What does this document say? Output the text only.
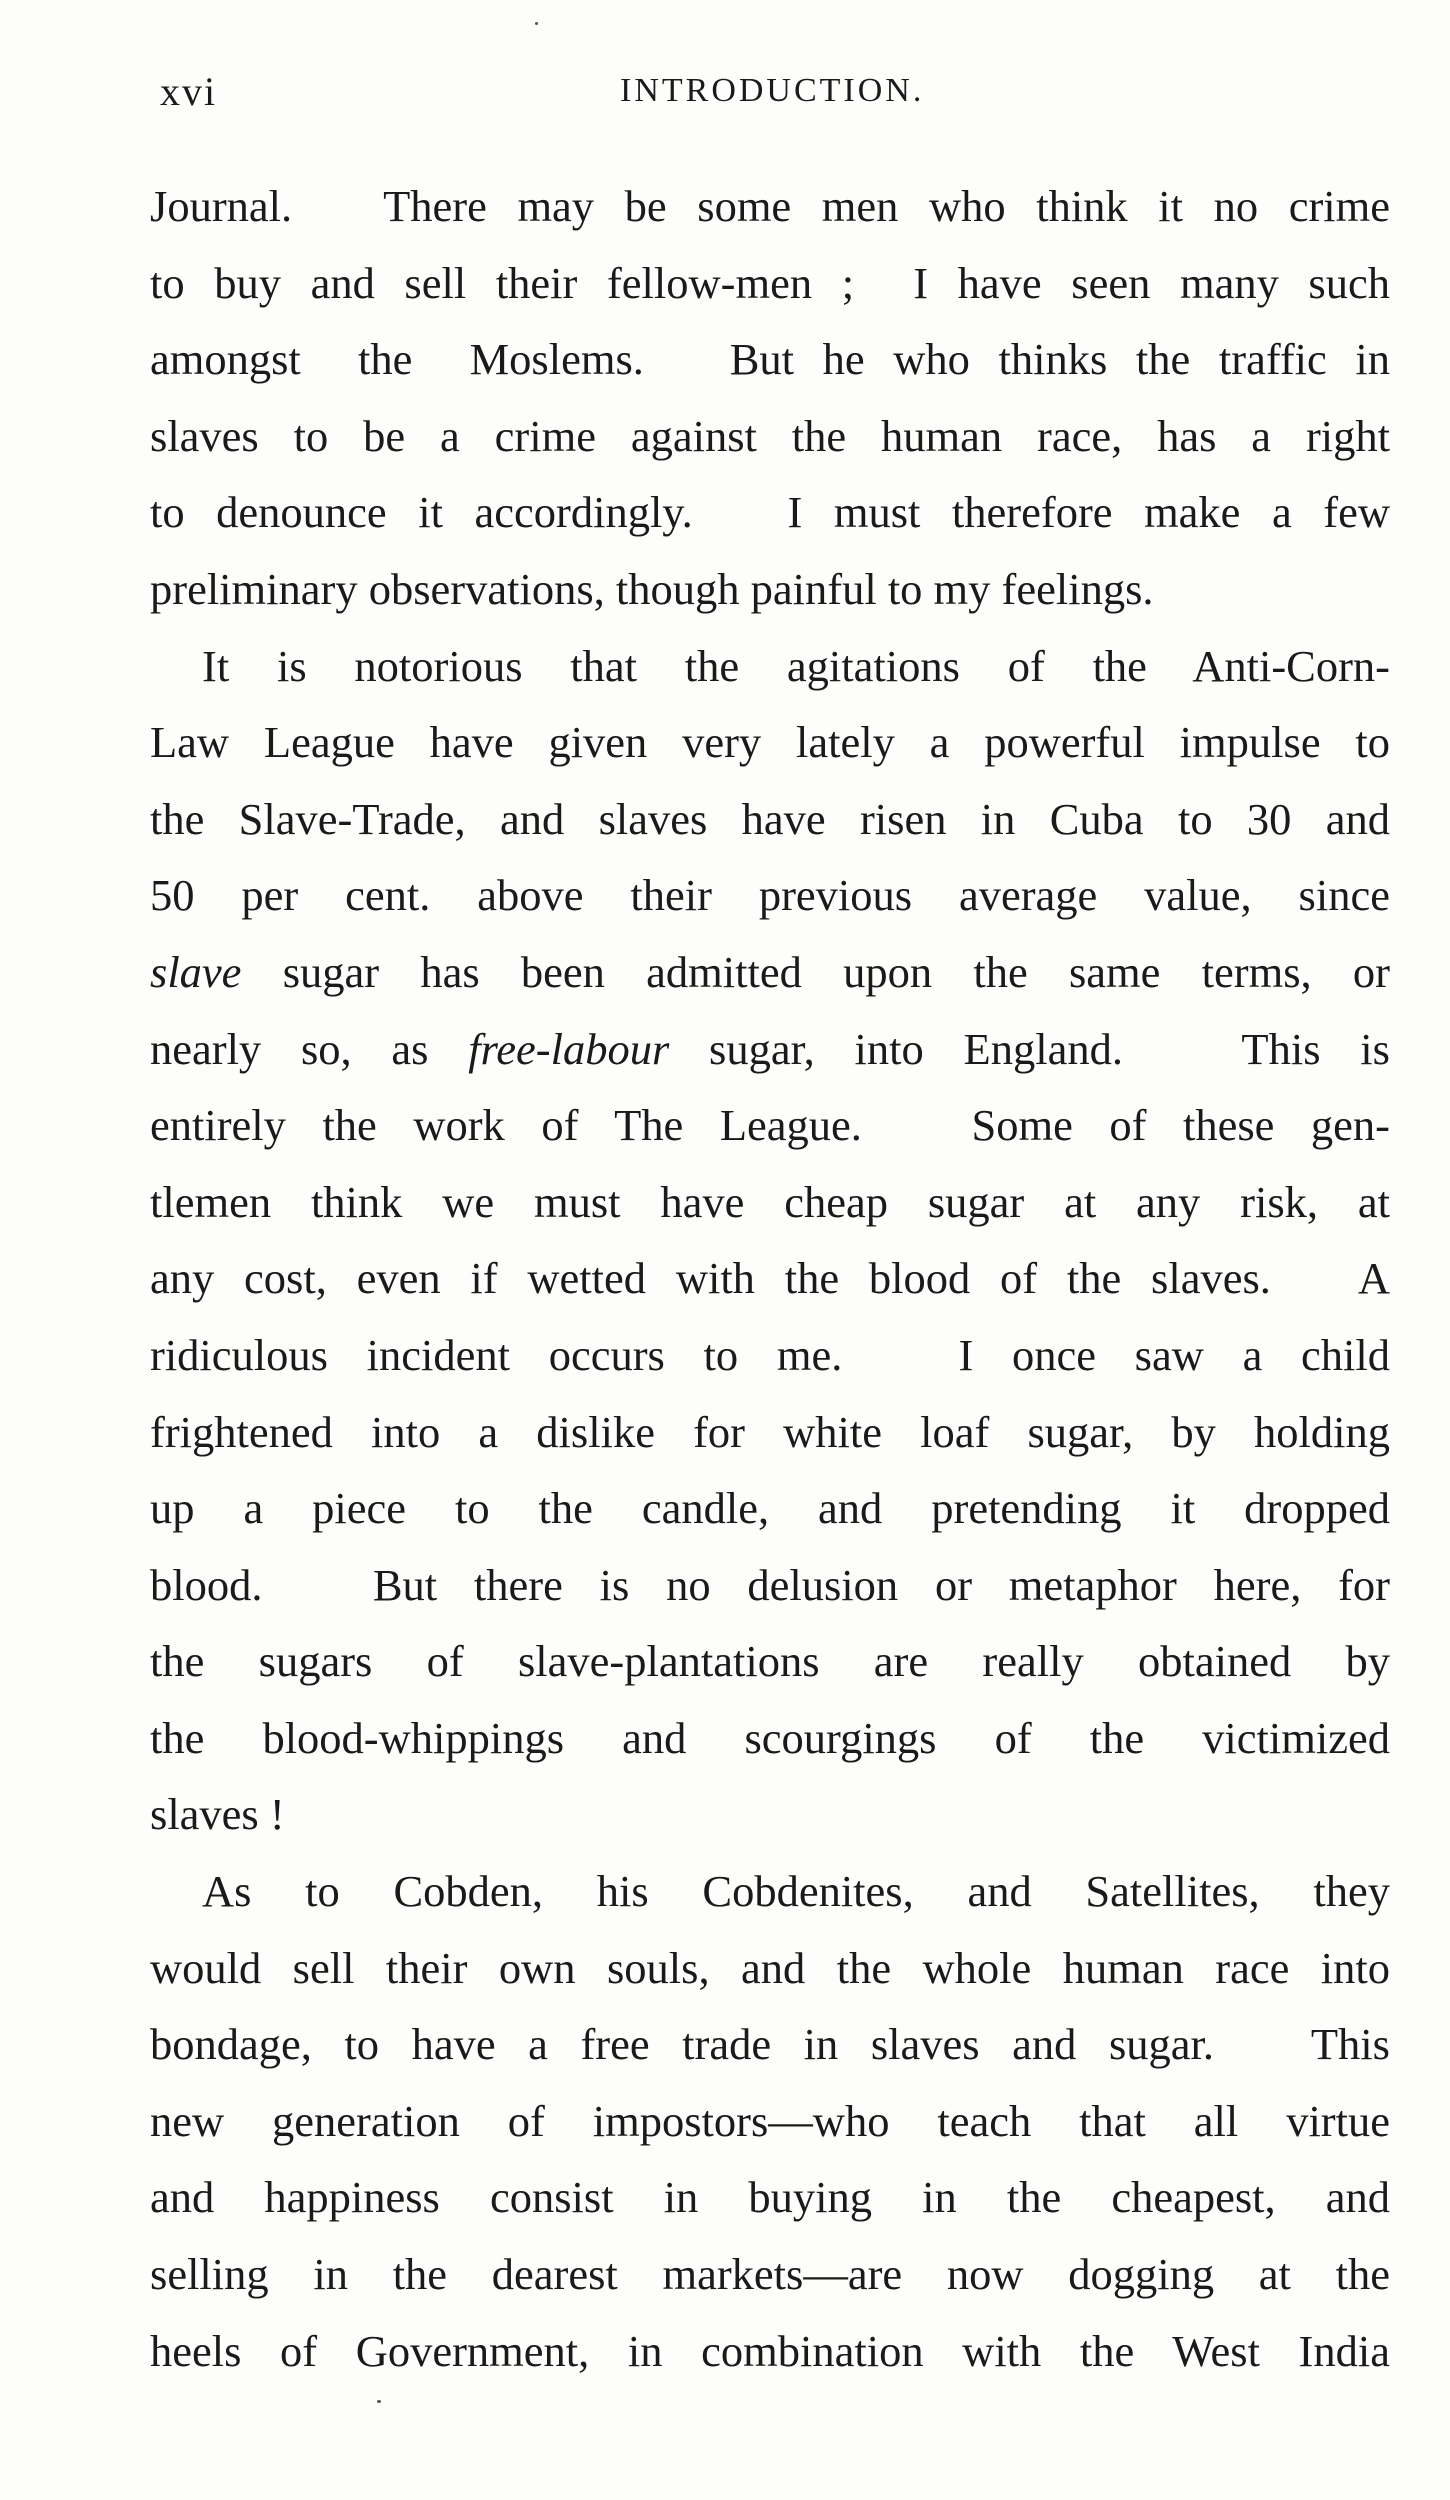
xvi	INTRODUCTION.
Journal.   There may be some men who think it no crime
to buy and sell their fellow-men ;  I have seen many such
amongst  the  Moslems.   But he who thinks the traffic in
slaves to be a crime against the human race, has a right
to denounce it accordingly.   I must therefore make a few
preliminary observations, though painful to my feelings.
It is notorious that the agitations of the Anti-Corn-
Law League have given very lately a powerful impulse to
the Slave-Trade, and slaves have risen in Cuba to 30 and
50 per cent. above their previous average value, since
slave sugar has been admitted upon the same terms, or
nearly so, as free-labour sugar, into England.   This is
entirely the work of The League.   Some of these gen-
tlemen think we must have cheap sugar at any risk, at
any cost, even if wetted with the blood of the slaves.   A
ridiculous incident occurs to me.   I once saw a child
frightened into a dislike for white loaf sugar, by holding
up a piece to the candle, and pretending it dropped
blood.   But there is no delusion or metaphor here, for
the sugars of slave-plantations are really obtained by
the blood-whippings and scourgings of the victimized
slaves !
As to Cobden, his Cobdenites, and Satellites, they
would sell their own souls, and the whole human race into
bondage, to have a free trade in slaves and sugar.   This
new generation of impostors—who teach that all virtue
and happiness consist in buying in the cheapest, and
selling in the dearest markets—are now dogging at the
heels of Government, in combination with the West India
